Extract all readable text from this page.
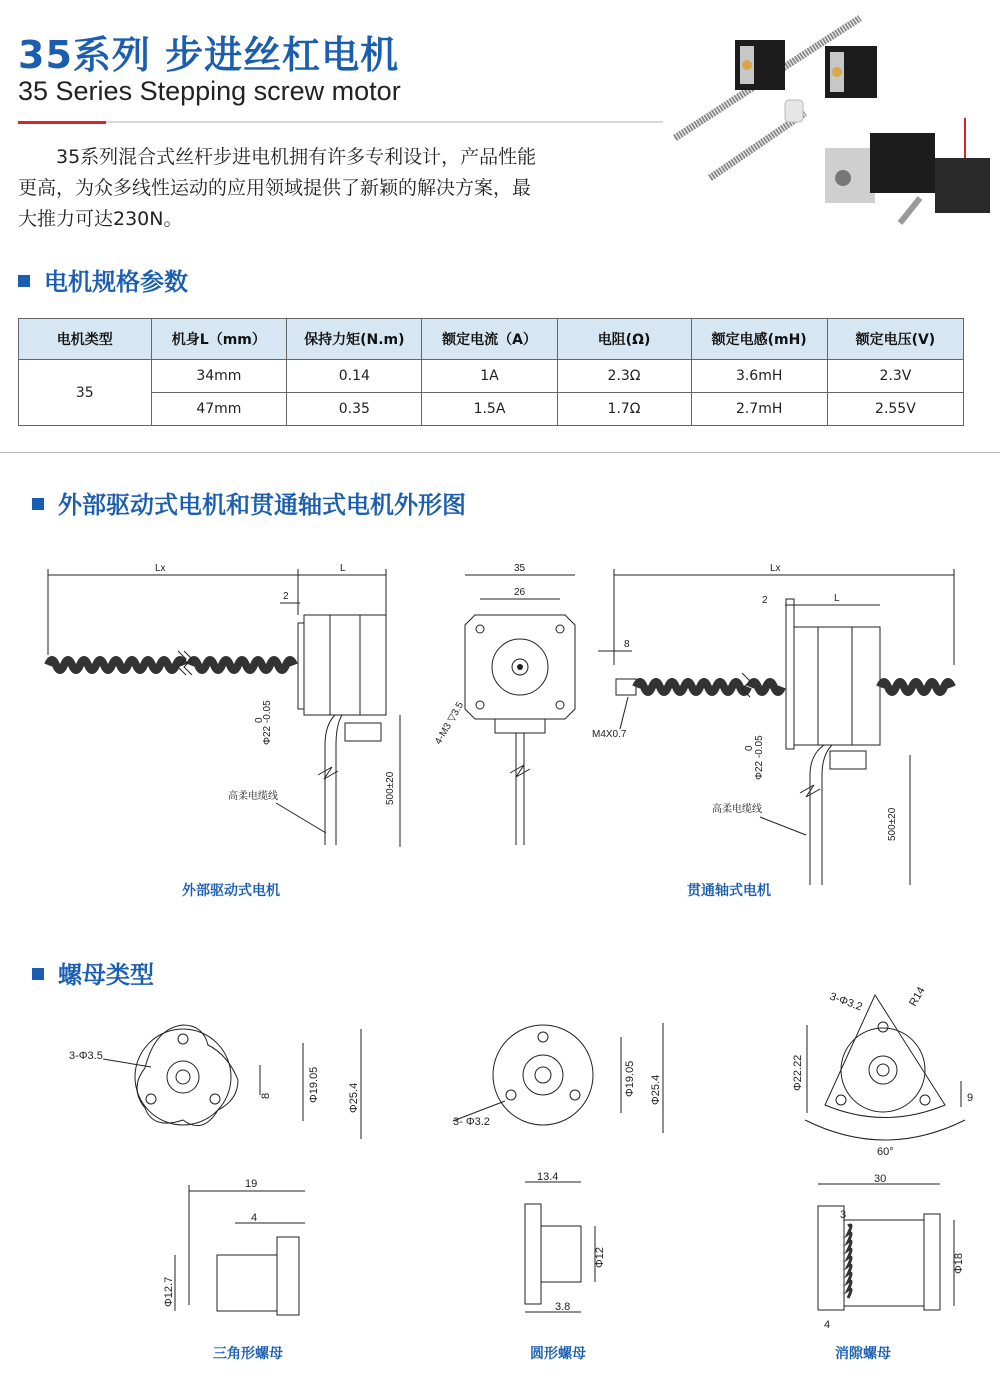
35系列 步进丝杠电机
35 Series Stepping screw motor
35系列混合式丝杆步进电机拥有许多专利设计，产品性能更高，为众多线性运动的应用领域提供了新颖的解决方案，最大推力可达230N。
电机规格参数
电机类型	机身L（mm）	保持力矩(N.m)	额定电流（A）	电阻(Ω)	额定电感(mH)	额定电压(V)
35	34mm	0.14	1A	2.3Ω	3.6mH	2.3V
	47mm	0.35	1.5A	1.7Ω	2.7mH	2.55V
外部驱动式电机和贯通轴式电机外形图
Lx	L
2
Φ22 -0.05
0
高柔电缆线	500±20
35
26
4-M3 ▽3.5
Lx
2	L
8
M4X0.7
Φ22 -0.05
0
高柔电缆线	500±20
外部驱动式电机	贯通轴式电机
螺母类型
3-Φ3.5
8	Φ19.05	Φ25.4
Φ19.05 Φ25.4
3- Φ3.2
3-Φ3.2	R14
Φ22.22
9
60°
19
4
Φ12.7
13.4
Φ12
3.8
30
3
Φ18
4
三角形螺母	圆形螺母	消隙螺母
